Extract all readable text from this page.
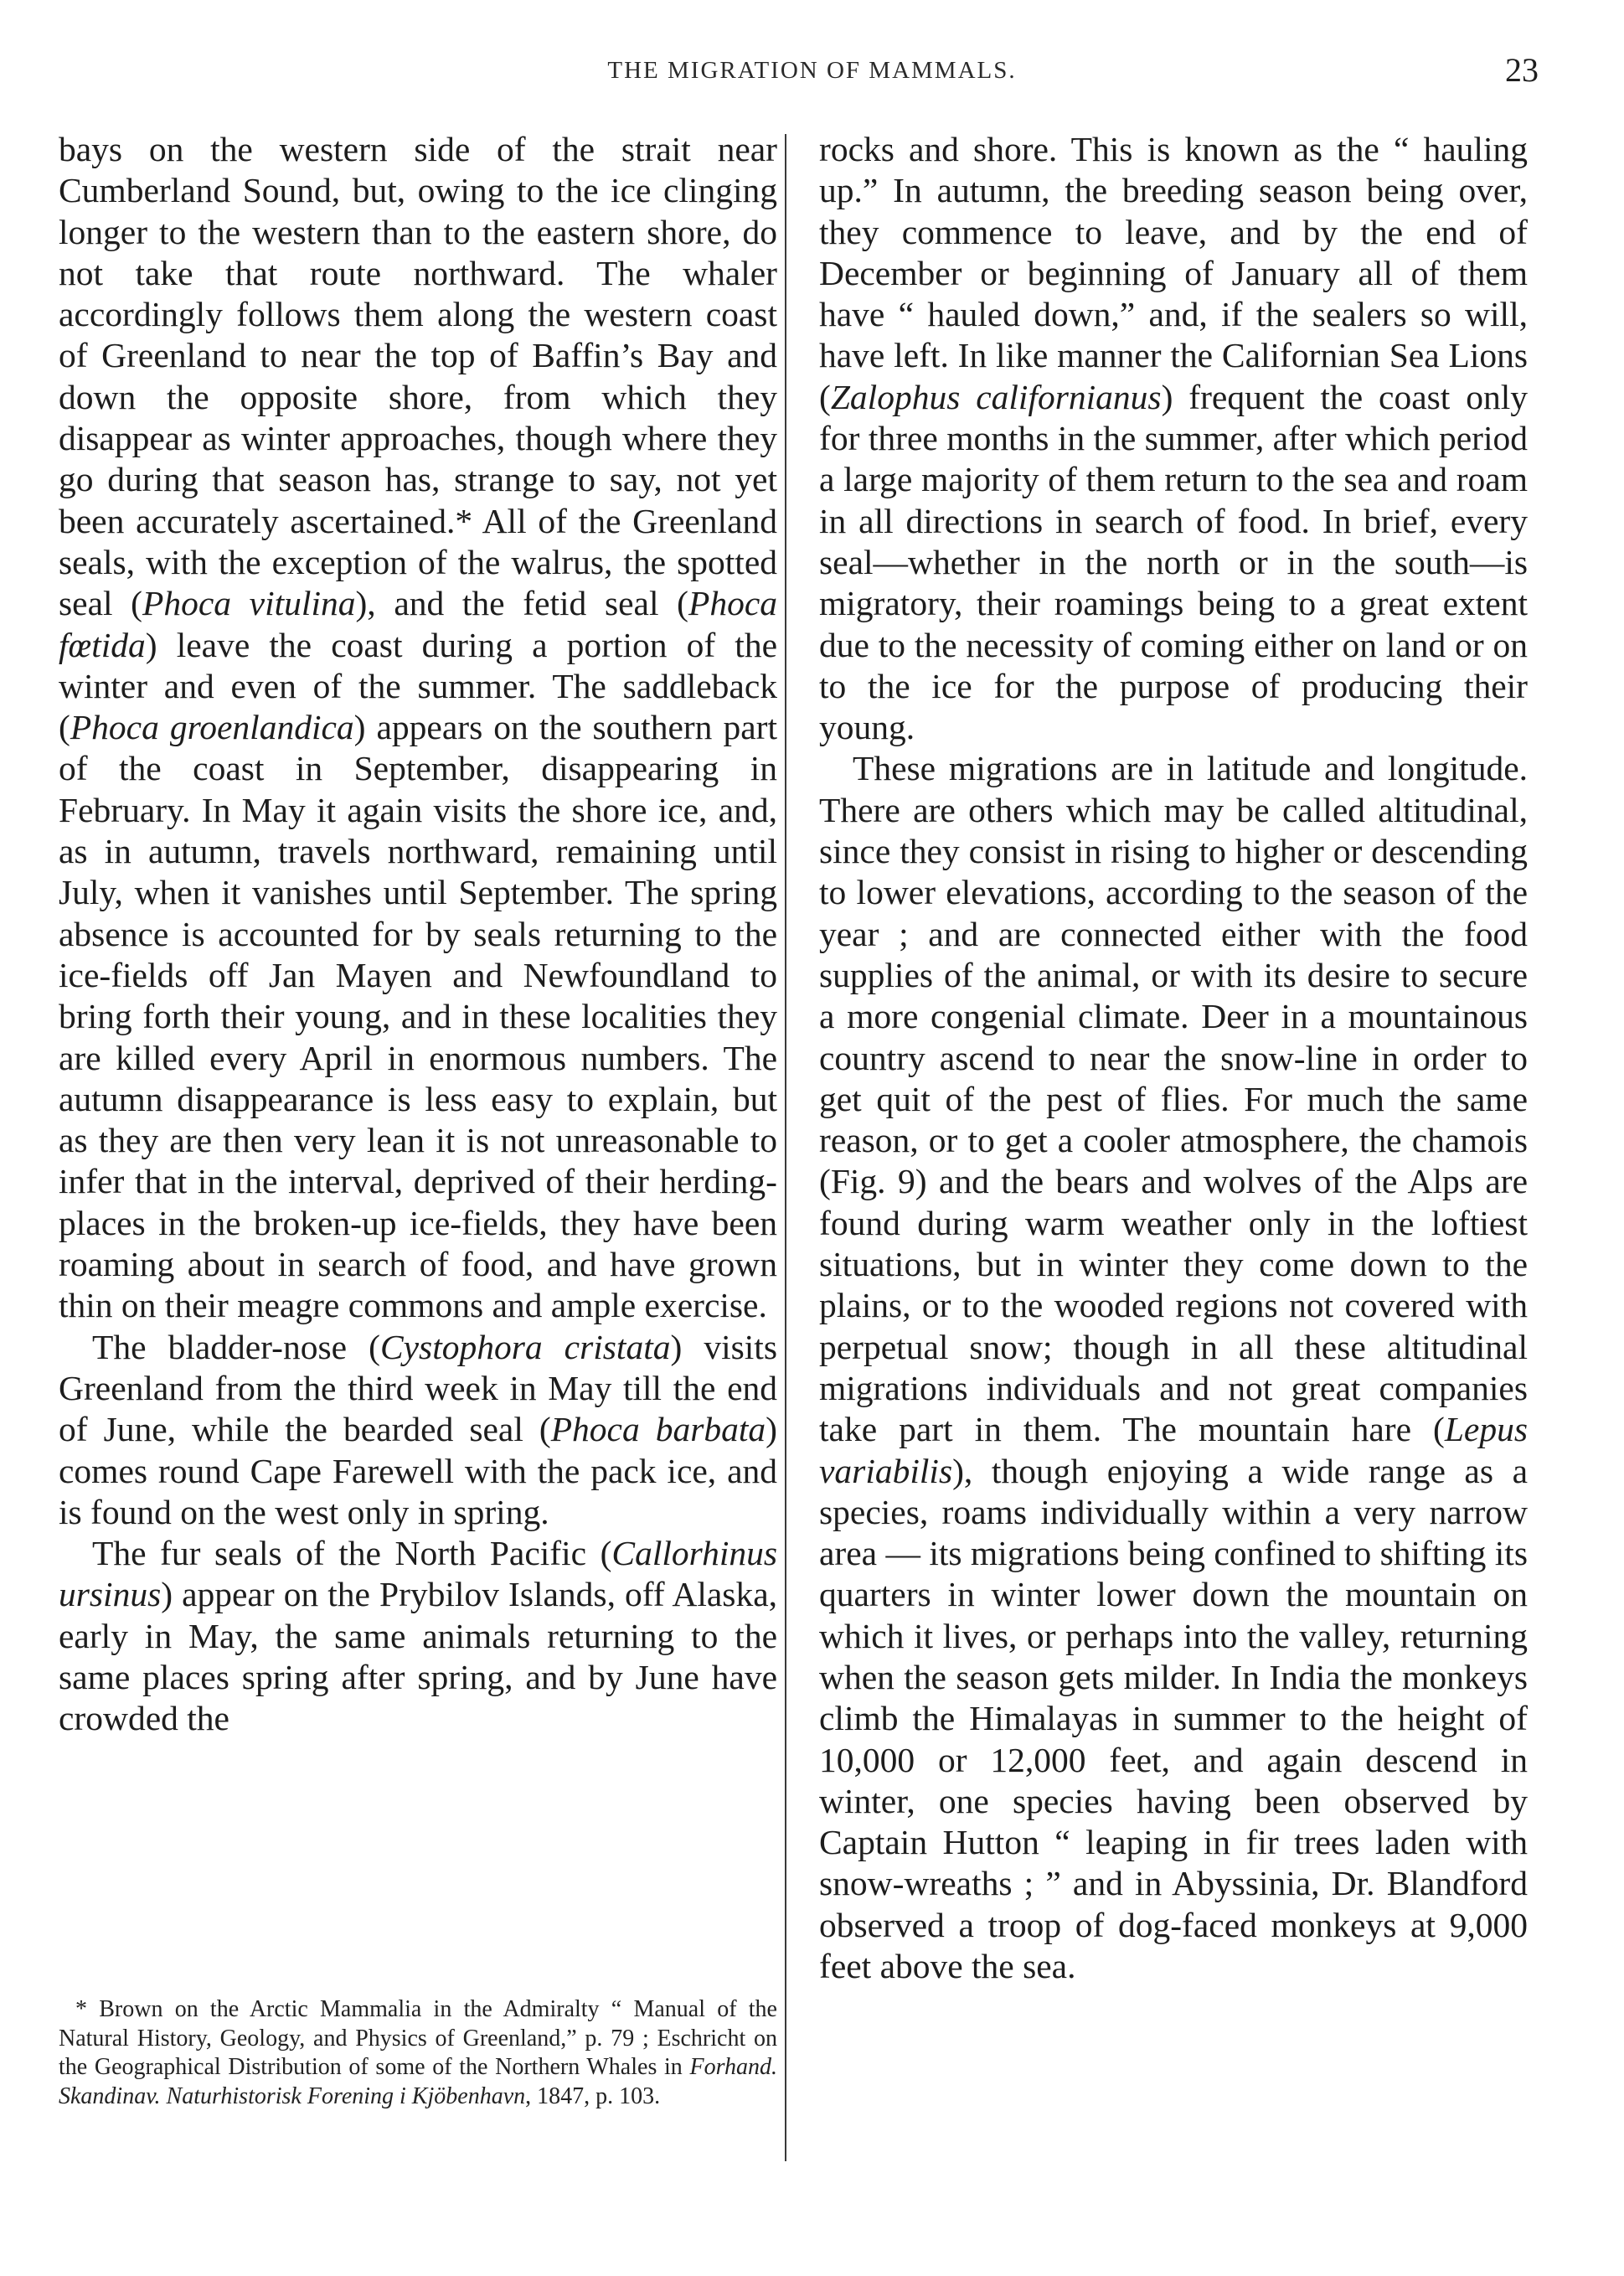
THE MIGRATION OF MAMMALS.	23

bays on the western side of the strait near Cumberland Sound, but, owing to the ice clinging longer to the western than to the eastern shore, do not take that route northward. The whaler accordingly follows them along the western coast of Greenland to near the top of Baffin’s Bay and down the opposite shore, from which they disappear as winter approaches, though where they go during that season has, strange to say, not yet been accurately ascertained.* All of the Greenland seals, with the exception of the walrus, the spotted seal (Phoca vitulina), and the fetid seal (Phoca fœtida) leave the coast during a portion of the winter and even of the summer. The saddleback (Phoca groenlandica) appears on the southern part of the coast in September, disappearing in February. In May it again visits the shore ice, and, as in autumn, travels northward, remaining until July, when it vanishes until September. The spring absence is accounted for by seals returning to the ice-fields off Jan Mayen and Newfoundland to bring forth their young, and in these localities they are killed every April in enormous numbers. The autumn disappearance is less easy to explain, but as they are then very lean it is not unreasonable to infer that in the interval, deprived of their herding-places in the broken-up ice-fields, they have been roaming about in search of food, and have grown thin on their meagre commons and ample exercise.

The bladder-nose (Cystophora cristata) visits Greenland from the third week in May till the end of June, while the bearded seal (Phoca barbata) comes round Cape Farewell with the pack ice, and is found on the west only in spring.

The fur seals of the North Pacific (Callorhinus ursinus) appear on the Prybilov Islands, off Alaska, early in May, the same animals returning to the same places spring after spring, and by June have crowded the

* Brown on the Arctic Mammalia in the Admiralty “ Manual of the Natural History, Geology, and Physics of Greenland,” p. 79 ; Eschricht on the Geographical Distribution of some of the Northern Whales in Forhand. Skandinav. Naturhistorisk Forening i Kjöbenhavn, 1847, p. 103.

rocks and shore. This is known as the “ hauling up.” In autumn, the breeding season being over, they commence to leave, and by the end of December or beginning of January all of them have “ hauled down,” and, if the sealers so will, have left. In like manner the Californian Sea Lions (Zalophus californianus) frequent the coast only for three months in the summer, after which period a large majority of them return to the sea and roam in all directions in search of food. In brief, every seal—whether in the north or in the south—is migratory, their roamings being to a great extent due to the necessity of coming either on land or on to the ice for the purpose of producing their young.

These migrations are in latitude and longitude. There are others which may be called altitudinal, since they consist in rising to higher or descending to lower elevations, according to the season of the year ; and are connected either with the food supplies of the animal, or with its desire to secure a more congenial climate. Deer in a mountainous country ascend to near the snow-line in order to get quit of the pest of flies. For much the same reason, or to get a cooler atmosphere, the chamois (Fig. 9) and the bears and wolves of the Alps are found during warm weather only in the loftiest situations, but in winter they come down to the plains, or to the wooded regions not covered with perpetual snow; though in all these altitudinal migrations individuals and not great companies take part in them. The mountain hare (Lepus variabilis), though enjoying a wide range as a species, roams individually within a very narrow area — its migrations being confined to shifting its quarters in winter lower down the mountain on which it lives, or perhaps into the valley, returning when the season gets milder. In India the monkeys climb the Himalayas in summer to the height of 10,000 or 12,000 feet, and again descend in winter, one species having been observed by Captain Hutton “ leaping in fir trees laden with snow-wreaths ; ” and in Abyssinia, Dr. Blandford observed a troop of dog-faced monkeys at 9,000 feet above the sea.
